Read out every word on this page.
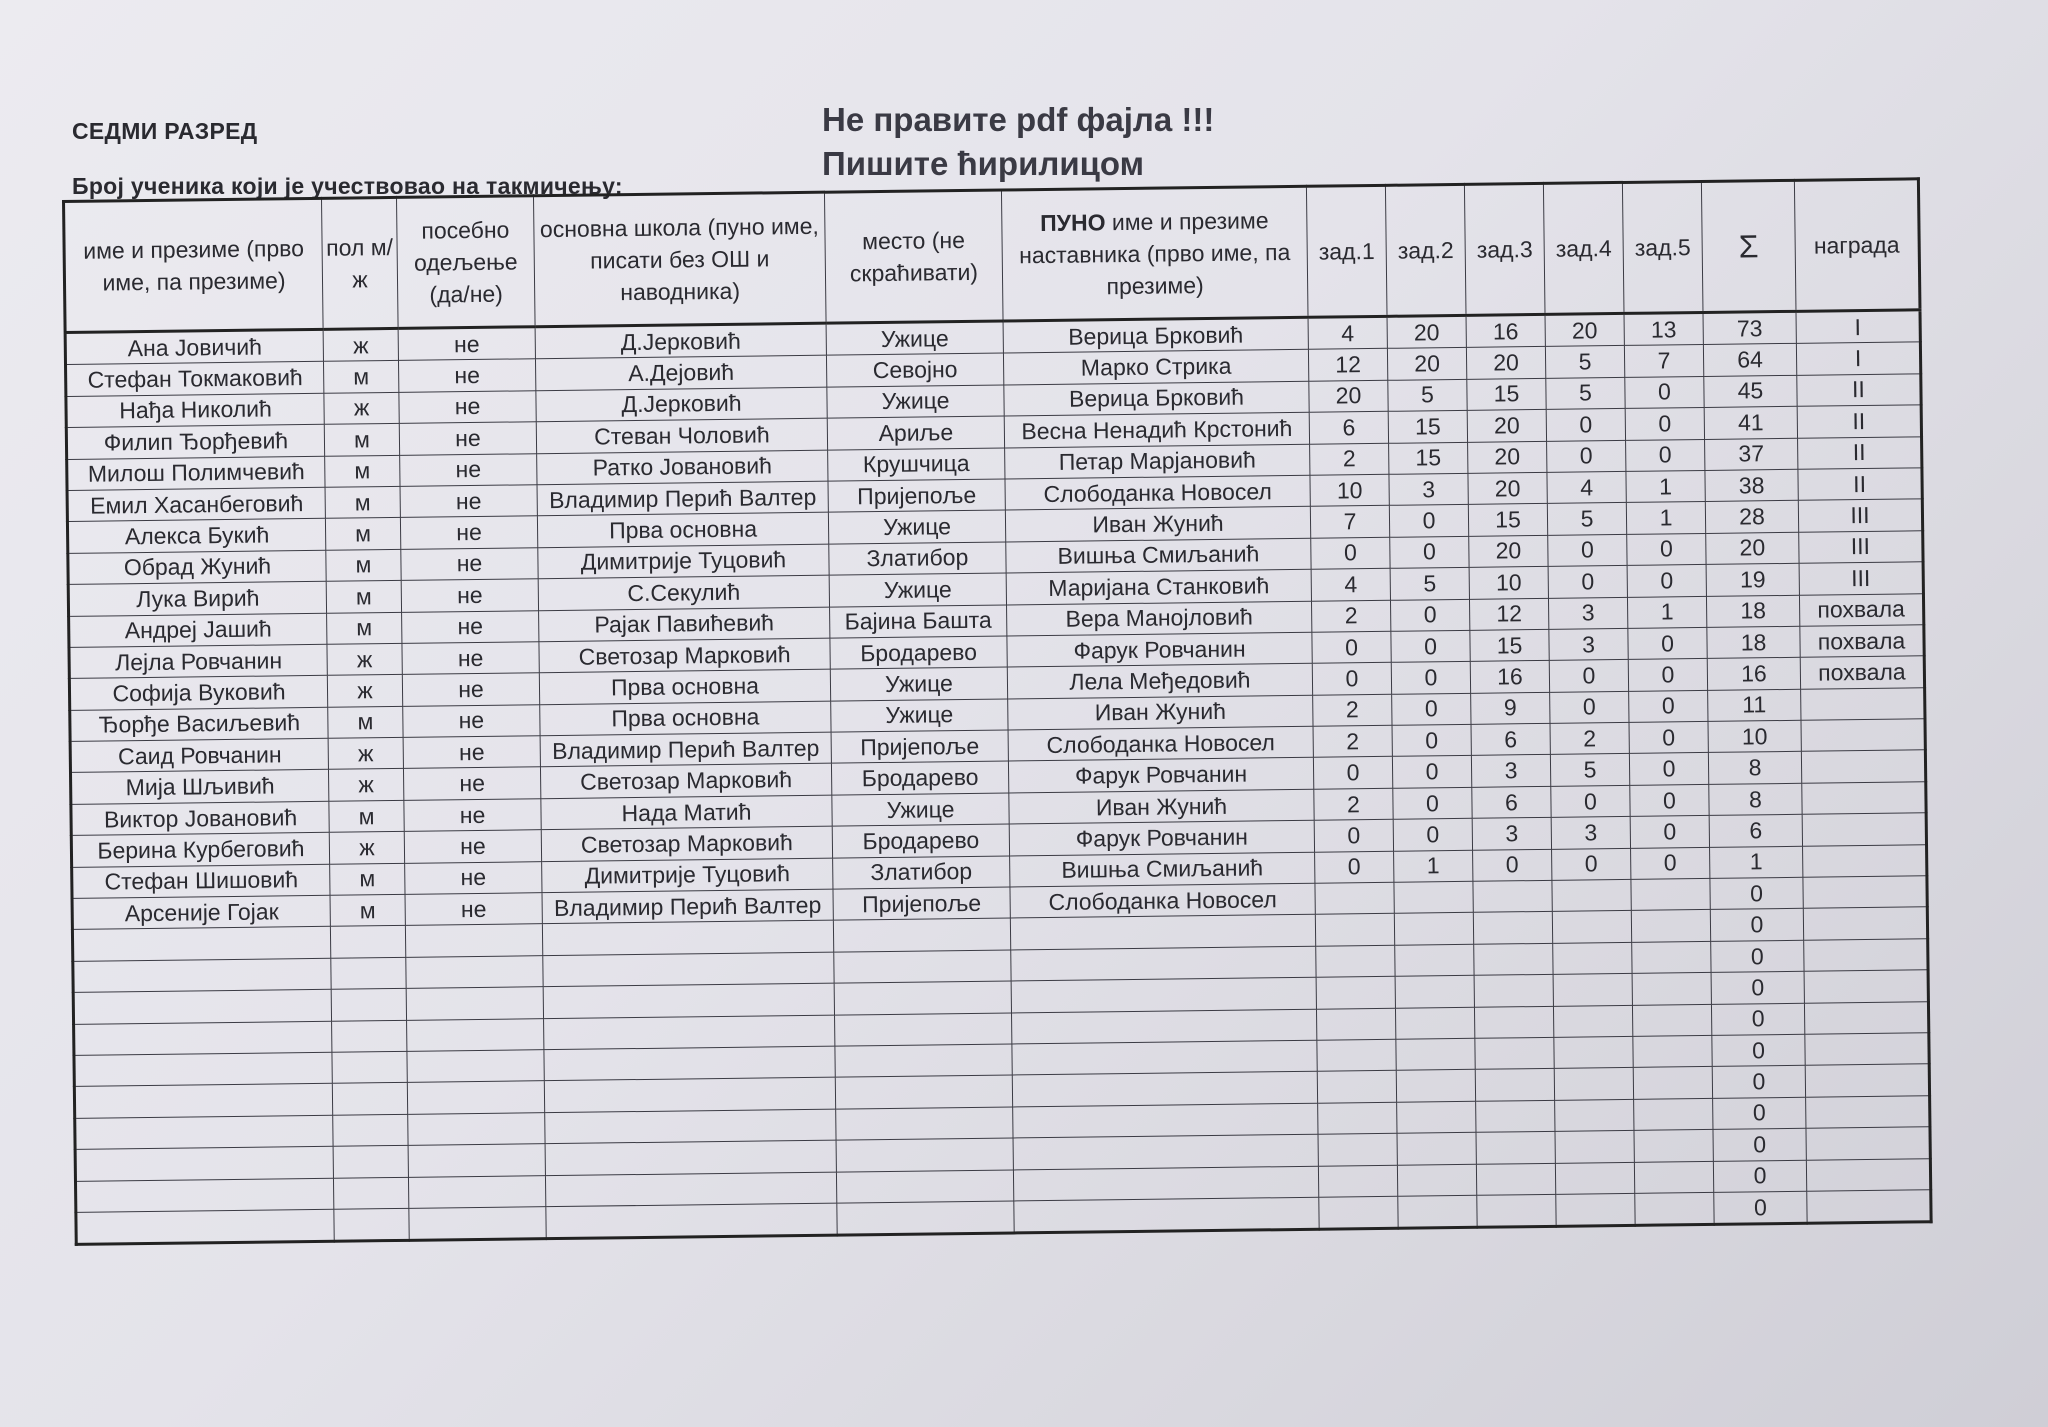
СЕДМИ РАЗРЕД
Број ученика који је учествовао на такмичењу:
Не правите pdf фајла !!!
Пишите ћирилицом
име и презиме (прво име, па презиме)	пол м/ж	посебно одељење (да/не)	основна школа (пуно име, писати без ОШ и наводника)	место (не скраћивати)	ПУНО име и презиме наставника (прво име, па презиме)	зад.1	зад.2	зад.3	зад.4	зад.5	Σ	награда
Ана Јовичић	ж	не	Д.Јерковић	Ужице	Верица Брковић	4	20	16	20	13	73	I
Стефан Токмаковић	м	не	А.Дејовић	Севојно	Марко Стрика	12	20	20	5	7	64	I
Нађа Николић	ж	не	Д.Јерковић	Ужице	Верица Брковић	20	5	15	5	0	45	II
Филип Ђорђевић	м	не	Стеван Чоловић	Ариље	Весна Ненадић Крстонић	6	15	20	0	0	41	II
Милош Полимчевић	м	не	Ратко Јовановић	Крушчица	Петар Марјановић	2	15	20	0	0	37	II
Емил Хасанбеговић	м	не	Владимир Перић Валтер	Пријепоље	Слободанка Новосел	10	3	20	4	1	38	II
Алекса Букић	м	не	Прва основна	Ужице	Иван Жунић	7	0	15	5	1	28	III
Обрад Жунић	м	не	Димитрије Туцовић	Златибор	Вишња Смиљанић	0	0	20	0	0	20	III
Лука Вирић	м	не	С.Секулић	Ужице	Маријана Станковић	4	5	10	0	0	19	III
Андреј Јашић	м	не	Рајак Павићевић	Бајина Башта	Вера Манојловић	2	0	12	3	1	18	похвала
Лејла Ровчанин	ж	не	Светозар Марковић	Бродарево	Фарук Ровчанин	0	0	15	3	0	18	похвала
Софија Вуковић	ж	не	Прва основна	Ужице	Лела Међедовић	0	0	16	0	0	16	похвала
Ђорђе Васиљевић	м	не	Прва основна	Ужице	Иван Жунић	2	0	9	0	0	11	
Саид Ровчанин	ж	не	Владимир Перић Валтер	Пријепоље	Слободанка Новосел	2	0	6	2	0	10	
Мија Шљивић	ж	не	Светозар Марковић	Бродарево	Фарук Ровчанин	0	0	3	5	0	8	
Виктор Јовановић	м	не	Нада Матић	Ужице	Иван Жунић	2	0	6	0	0	8	
Берина Курбеговић	ж	не	Светозар Марковић	Бродарево	Фарук Ровчанин	0	0	3	3	0	6	
Стефан Шишовић	м	не	Димитрије Туцовић	Златибор	Вишња Смиљанић	0	1	0	0	0	1	
Арсеније Гојак	м	не	Владимир Перић Валтер	Пријепоље	Слободанка Новосел						0	
											0	
											0	
											0	
											0	
											0	
											0	
											0	
											0	
											0	
											0	
